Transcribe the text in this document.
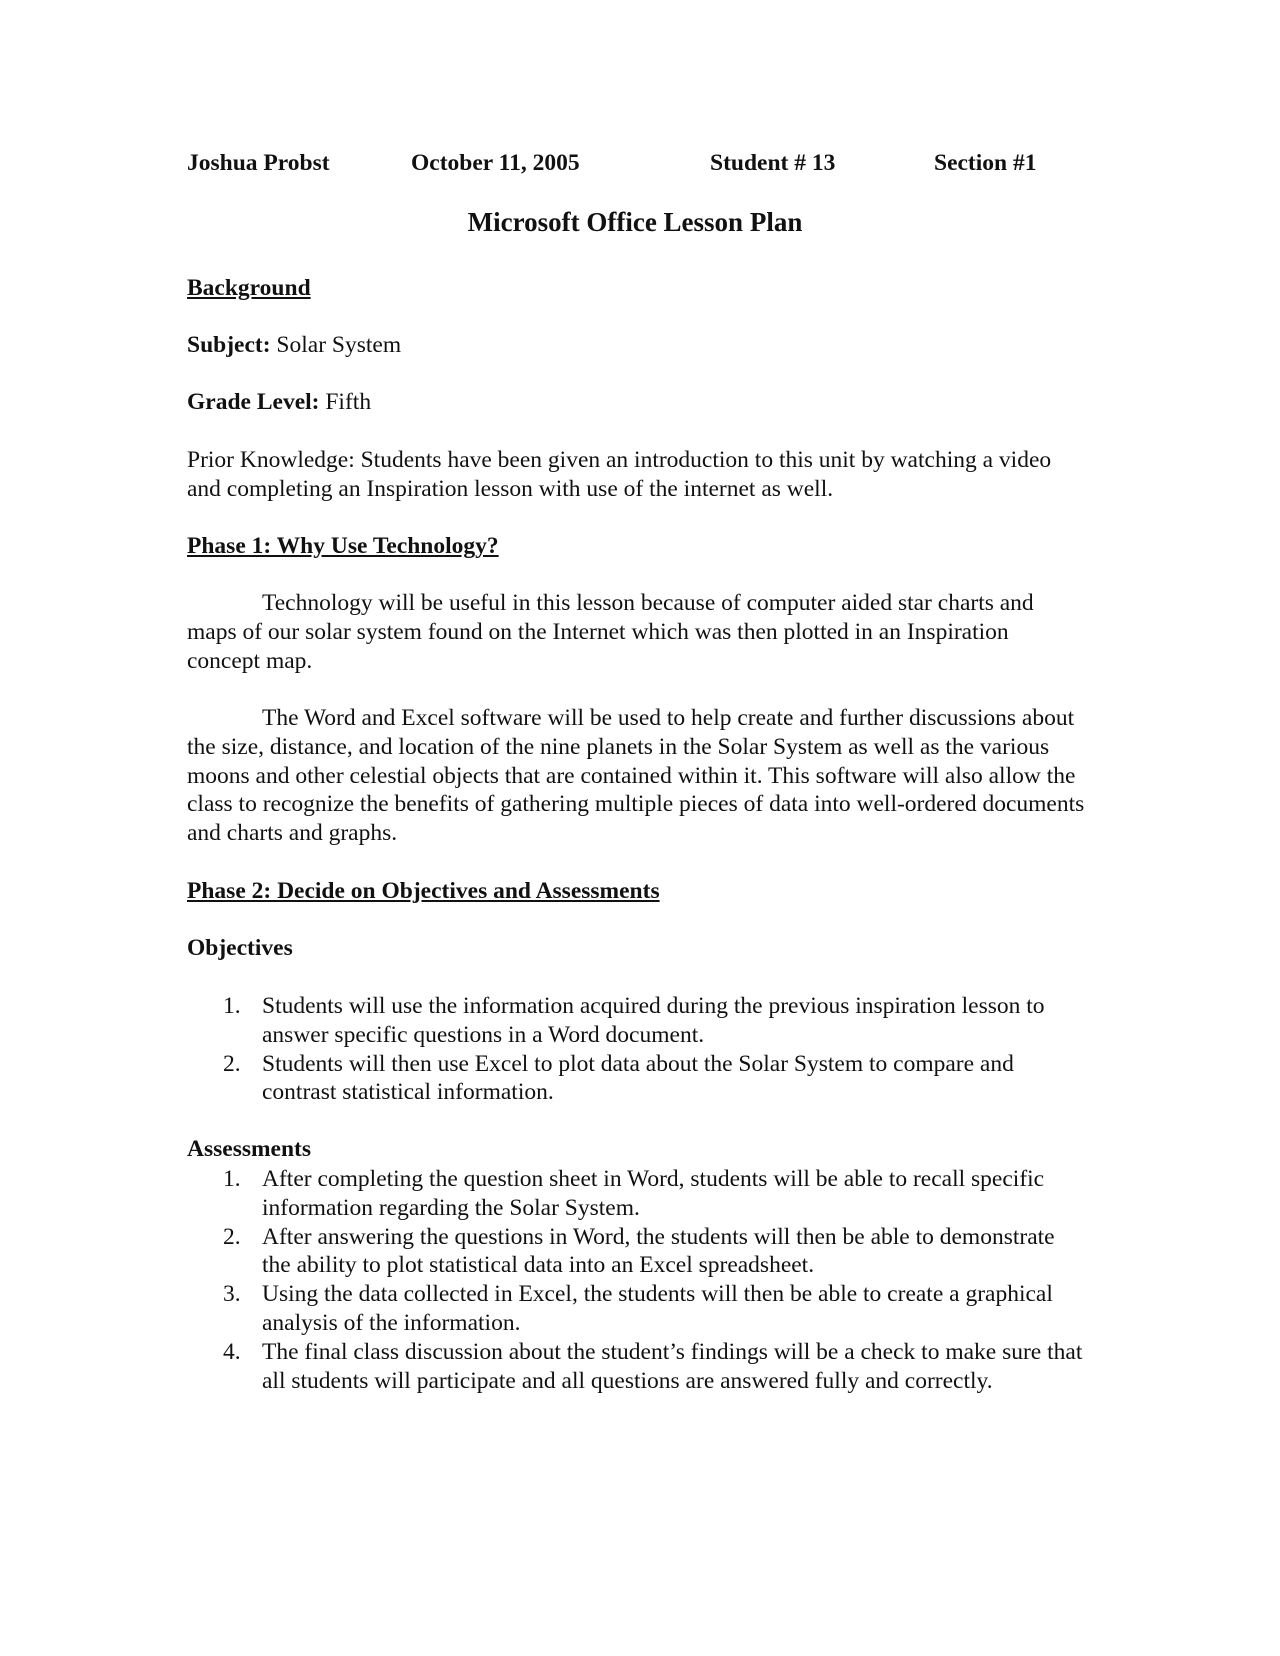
Joshua Probst	October 11, 2005	Student # 13	Section #1
Microsoft Office Lesson Plan
Background
Subject: Solar System
Grade Level: Fifth

Prior Knowledge: Students have been given an introduction to this unit by watching a video and completing an Inspiration lesson with use of the internet as well.

Phase 1: Why Use Technology?

Technology will be useful in this lesson because of computer aided star charts and maps of our solar system found on the Internet which was then plotted in an Inspiration concept map.

The Word and Excel software will be used to help create and further discussions about the size, distance, and location of the nine planets in the Solar System as well as the various moons and other celestial objects that are contained within it. This software will also allow the class to recognize the benefits of gathering multiple pieces of data into well-ordered documents and charts and graphs.

Phase 2: Decide on Objectives and Assessments
Objectives
1. Students will use the information acquired during the previous inspiration lesson to answer specific questions in a Word document.
2. Students will then use Excel to plot data about the Solar System to compare and contrast statistical information.
Assessments
1. After completing the question sheet in Word, students will be able to recall specific information regarding the Solar System.
2. After answering the questions in Word, the students will then be able to demonstrate the ability to plot statistical data into an Excel spreadsheet.
3. Using the data collected in Excel, the students will then be able to create a graphical analysis of the information.
4. The final class discussion about the student’s findings will be a check to make sure that all students will participate and all questions are answered fully and correctly.
